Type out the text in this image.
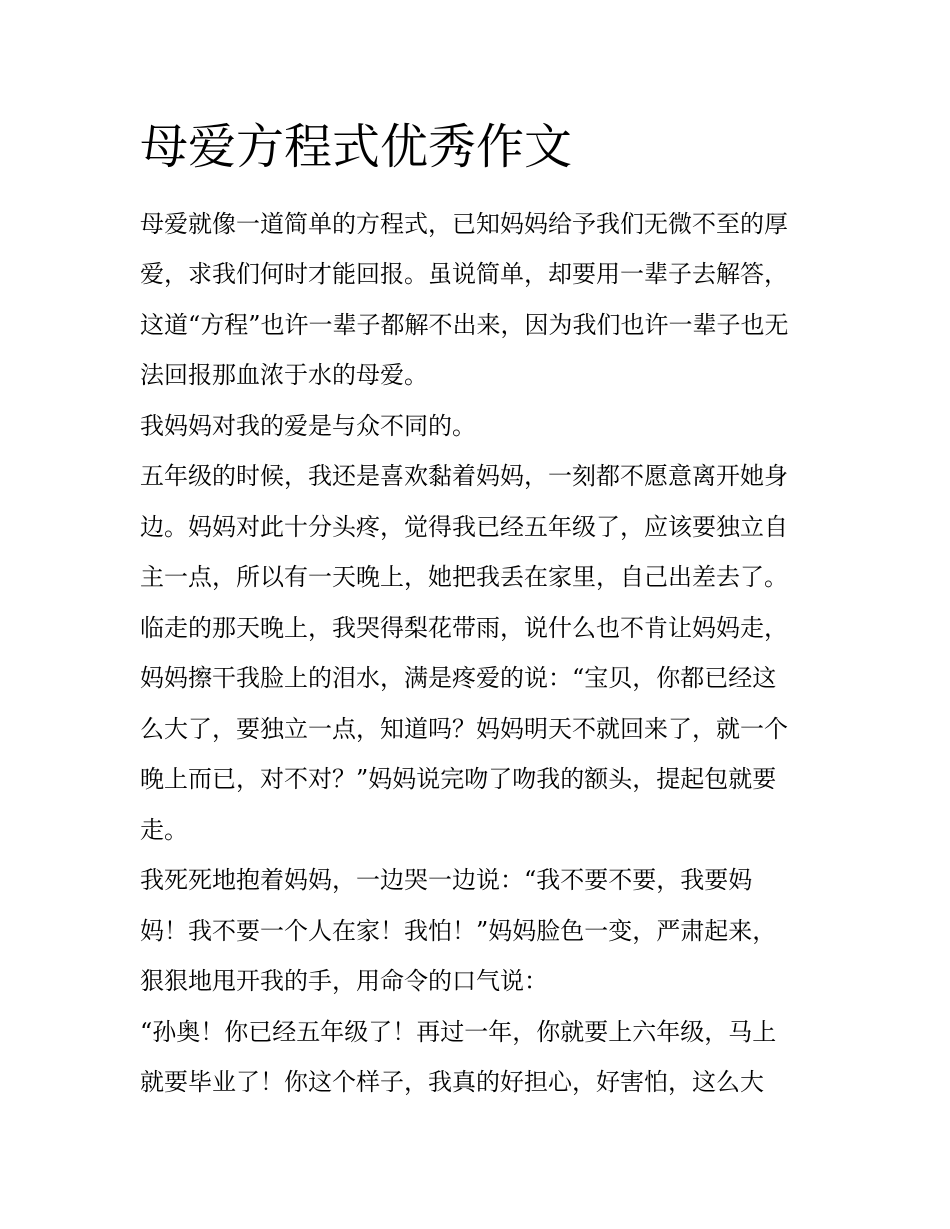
母爱方程式优秀作文

母爱就像一道简单的方程式，已知妈妈给予我们无微不至的厚

爱，求我们何时才能回报。虽说简单，却要用一辈子去解答，

这道“方程”也许一辈子都解不出来，因为我们也许一辈子也无

法回报那血浓于水的母爱。

我妈妈对我的爱是与众不同的。

五年级的时候，我还是喜欢黏着妈妈，一刻都不愿意离开她身

边。妈妈对此十分头疼，觉得我已经五年级了，应该要独立自

主一点，所以有一天晚上，她把我丢在家里，自己出差去了。

临走的那天晚上，我哭得梨花带雨，说什么也不肯让妈妈走，

妈妈擦干我脸上的泪水，满是疼爱的说：“宝贝，你都已经这

么大了，要独立一点，知道吗？妈妈明天不就回来了，就一个

晚上而已，对不对？”妈妈说完吻了吻我的额头，提起包就要

走。

我死死地抱着妈妈，一边哭一边说：“我不要不要，我要妈

妈！我不要一个人在家！我怕！”妈妈脸色一变，严肃起来，

狠狠地甩开我的手，用命令的口气说：

“孙奥！你已经五年级了！再过一年，你就要上六年级，马上

就要毕业了！你这个样子，我真的好担心，好害怕，这么大
